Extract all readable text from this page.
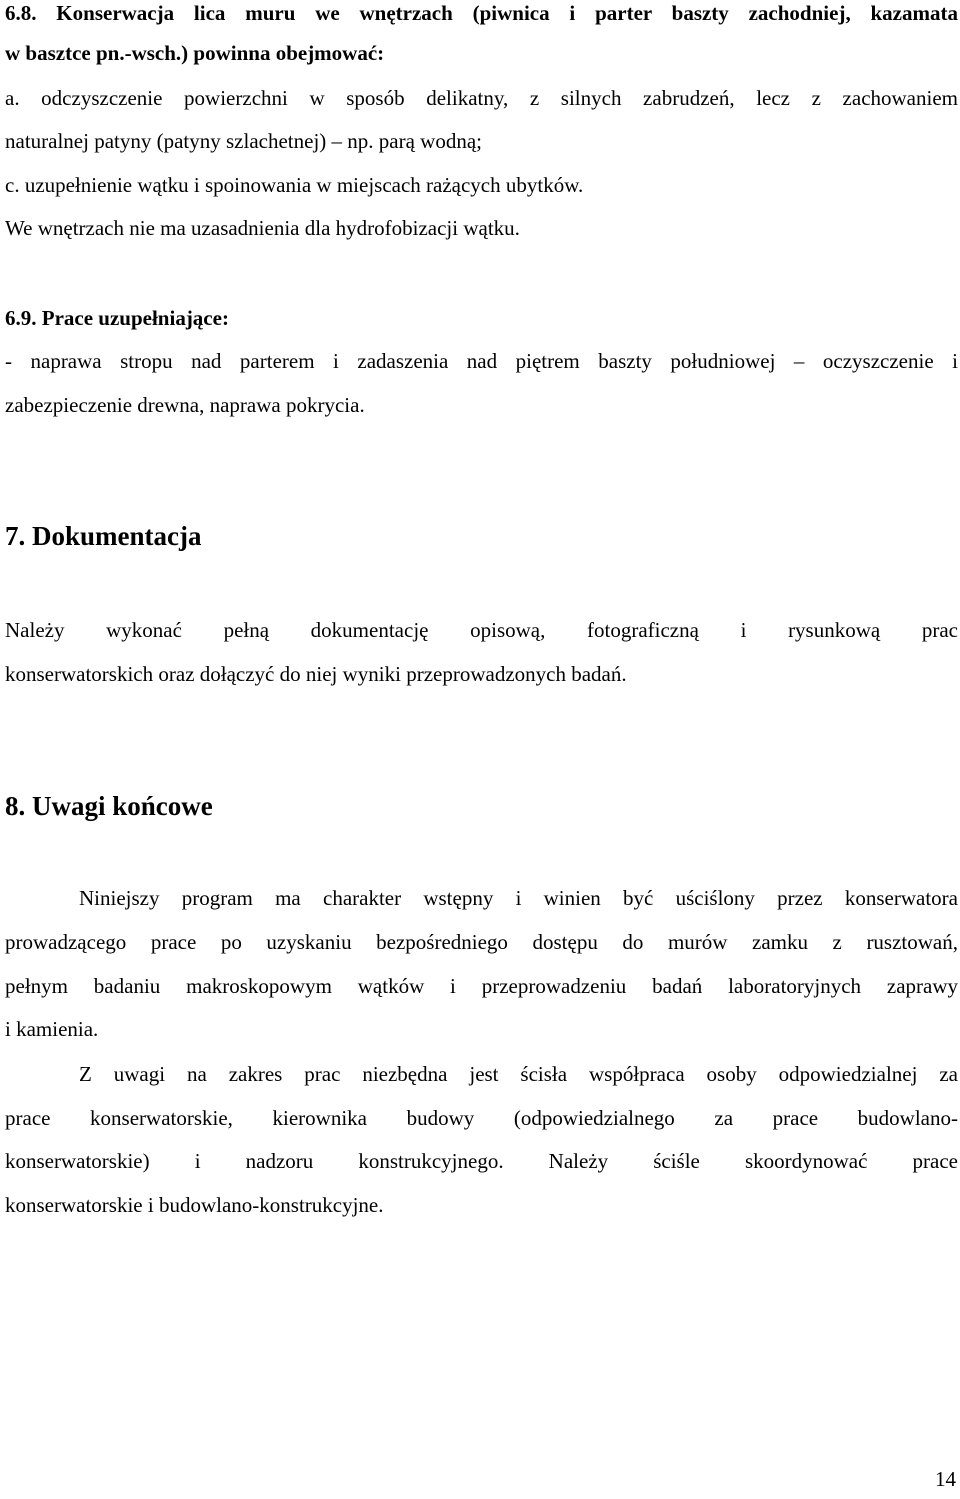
6.8. Konserwacja lica muru we wnętrzach (piwnica i parter baszty zachodniej, kazamata
w basztce pn.-wsch.) powinna obejmować:
a. odczyszczenie powierzchni w sposób delikatny, z silnych zabrudzeń, lecz z zachowaniem
naturalnej patyny (patyny szlachetnej) – np. parą wodną;
c. uzupełnienie wątku i spoinowania w miejscach rażących ubytków.
We wnętrzach nie ma uzasadnienia dla hydrofobizacji wątku.
6.9. Prace uzupełniające:
- naprawa stropu nad parterem i zadaszenia nad piętrem baszty południowej – oczyszczenie i
zabezpieczenie drewna, naprawa pokrycia.
7. Dokumentacja
Należy wykonać pełną dokumentację opisową, fotograficzną i rysunkową prac
konserwatorskich oraz dołączyć do niej wyniki przeprowadzonych badań.
8. Uwagi końcowe
Niniejszy program ma charakter wstępny i winien być uściślony przez konserwatora
prowadzącego prace po uzyskaniu bezpośredniego dostępu do murów zamku z rusztowań,
pełnym badaniu makroskopowym wątków i przeprowadzeniu badań laboratoryjnych zaprawy
i kamienia.
Z uwagi na zakres prac niezbędna jest ścisła współpraca osoby odpowiedzialnej za
prace konserwatorskie, kierownika budowy (odpowiedzialnego za prace budowlano-
konserwatorskie) i nadzoru konstrukcyjnego. Należy ściśle skoordynować prace
konserwatorskie i budowlano-konstrukcyjne.
14
